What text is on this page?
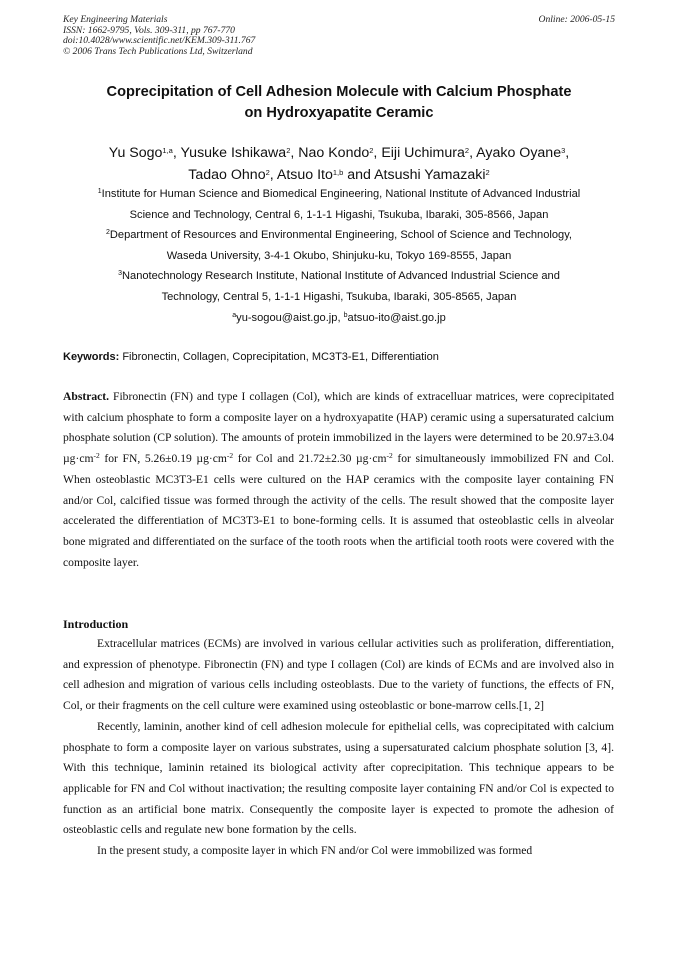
Key Engineering Materials
ISSN: 1662-9795, Vols. 309-311, pp 767-770
doi:10.4028/www.scientific.net/KEM.309-311.767
© 2006 Trans Tech Publications Ltd, Switzerland
Online: 2006-05-15
Coprecipitation of Cell Adhesion Molecule with Calcium Phosphate
on Hydroxyapatite Ceramic
Yu Sogo$^{1,a}$, Yusuke Ishikawa$^2$, Nao Kondo$^2$, Eiji Uchimura$^2$, Ayako Oyane$^3$,
Tadao Ohno$^2$, Atsuo Ito$^{1,b}$ and Atsushi Yamazaki$^2$
$^1$Institute for Human Science and Biomedical Engineering, National Institute of Advanced Industrial
Science and Technology, Central 6, 1-1-1 Higashi, Tsukuba, Ibaraki, 305-8566, Japan
$^2$Department of Resources and Environmental Engineering, School of Science and Technology,
Waseda University, 3-4-1 Okubo, Shinjuku-ku, Tokyo 169-8555, Japan
$^3$Nanotechnology Research Institute, National Institute of Advanced Industrial Science and
Technology, Central 5, 1-1-1 Higashi, Tsukuba, Ibaraki, 305-8565, Japan
$^a$yu-sogou@aist.go.jp, $^b$atsuo-ito@aist.go.jp
Keywords: Fibronectin, Collagen, Coprecipitation, MC3T3-E1, Differentiation
Abstract. Fibronectin (FN) and type I collagen (Col), which are kinds of extracelluar matrices, were coprecipitated with calcium phosphate to form a composite layer on a hydroxyapatite (HAP) ceramic using a supersaturated calcium phosphate solution (CP solution). The amounts of protein immobilized in the layers were determined to be 20.97±3.04 $\mu g\cdot cm^{-2}$ for FN, 5.26±0.19 $\mu g\cdot cm^{-2}$ for Col and 21.72±2.30 $\mu g\cdot cm^{-2}$ for simultaneously immobilized FN and Col. When osteoblastic MC3T3-E1 cells were cultured on the HAP ceramics with the composite layer containing FN and/or Col, calcified tissue was formed through the activity of the cells. The result showed that the composite layer accelerated the differentiation of MC3T3-E1 to bone-forming cells. It is assumed that osteoblastic cells in alveolar bone migrated and differentiated on the surface of the tooth roots when the artificial tooth roots were covered with the composite layer.
Introduction

Extracellular matrices (ECMs) are involved in various cellular activities such as proliferation, differentiation, and expression of phenotype. Fibronectin (FN) and type I collagen (Col) are kinds of ECMs and are involved also in cell adhesion and migration of various cells including osteoblasts. Due to the variety of functions, the effects of FN, Col, or their fragments on the cell culture were examined using osteoblastic or bone-marrow cells.[1, 2]

Recently, laminin, another kind of cell adhesion molecule for epithelial cells, was coprecipitated with calcium phosphate to form a composite layer on various substrates, using a supersaturated calcium phosphate solution [3, 4]. With this technique, laminin retained its biological activity after coprecipitation. This technique appears to be applicable for FN and Col without inactivation; the resulting composite layer containing FN and/or Col is expected to function as an artificial bone matrix. Consequently the composite layer is expected to promote the adhesion of osteoblastic cells and regulate new bone formation by the cells.

In the present study, a composite layer in which FN and/or Col were immobilized was formed
